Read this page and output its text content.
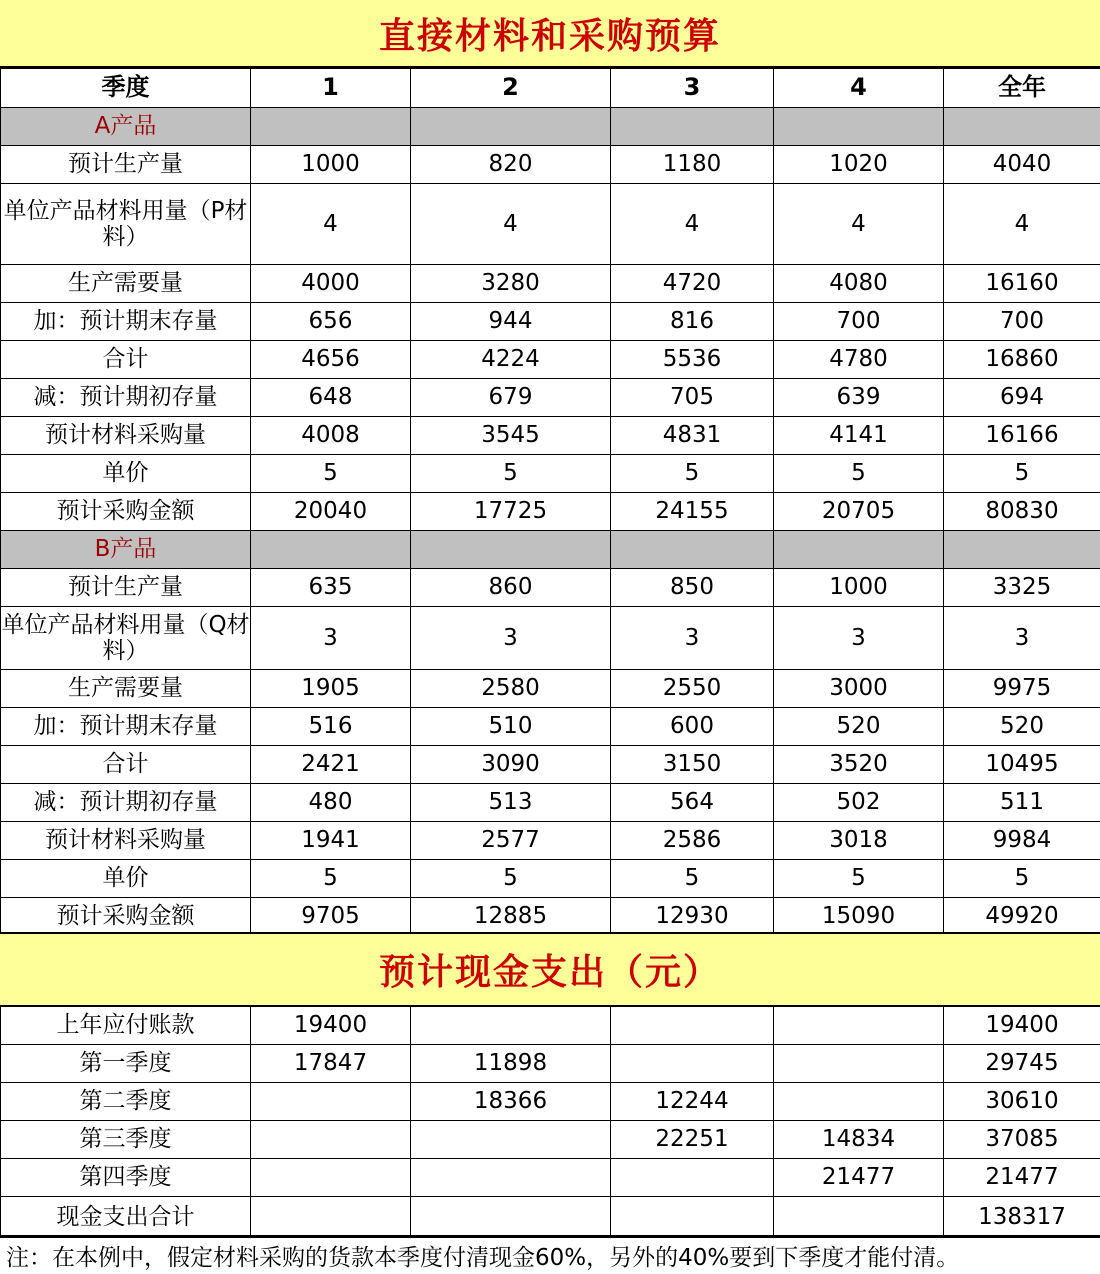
直接材料和采购预算
季度	1	2	3	4	全年
A产品					
预计生产量	1000	820	1180	1020	4040
单位产品材料用量（P材料）	4	4	4	4	4
生产需要量	4000	3280	4720	4080	16160
加：预计期末存量	656	944	816	700	700
合计	4656	4224	5536	4780	16860
减：预计期初存量	648	679	705	639	694
预计材料采购量	4008	3545	4831	4141	16166
单价	5	5	5	5	5
预计采购金额	20040	17725	24155	20705	80830
B产品					
预计生产量	635	860	850	1000	3325
单位产品材料用量（Q材料）	3	3	3	3	3
生产需要量	1905	2580	2550	3000	9975
加：预计期末存量	516	510	600	520	520
合计	2421	3090	3150	3520	10495
减：预计期初存量	480	513	564	502	511
预计材料采购量	1941	2577	2586	3018	9984
单价	5	5	5	5	5
预计采购金额	9705	12885	12930	15090	49920
预计现金支出（元）
上年应付账款	19400				19400
第一季度	17847	11898			29745
第二季度		18366	12244		30610
第三季度			22251	14834	37085
第四季度				21477	21477
现金支出合计					138317
注：在本例中，假定材料采购的货款本季度付清现金60%，另外的40%要到下季度才能付清。
